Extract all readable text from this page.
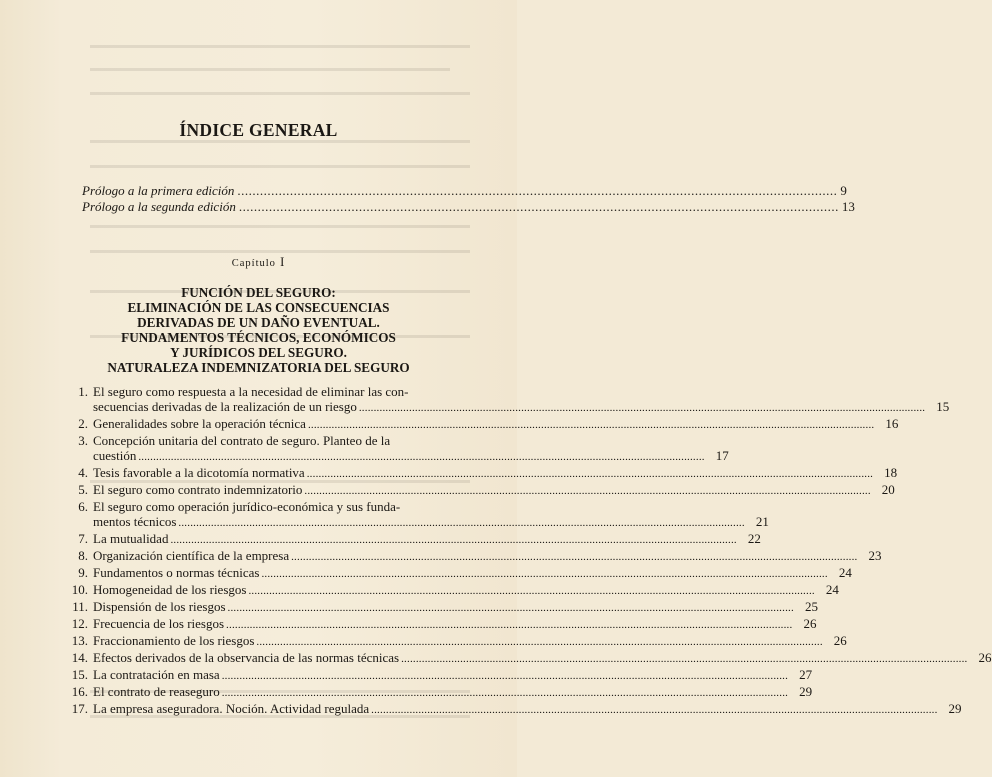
ÍNDICE GENERAL
Prólogo a la primera edición .....	9
Prólogo a la segunda edición .....	13
Capítulo I
FUNCIÓN DEL SEGURO:
ELIMINACIÓN DE LAS CONSECUENCIAS
DERIVADAS DE UN DAÑO EVENTUAL.
FUNDAMENTOS TÉCNICOS, ECONÓMICOS
Y JURÍDICOS DEL SEGURO.
NATURALEZA INDEMNIZATORIA DEL SEGURO
1. El seguro como respuesta a la necesidad de eliminar las con-
secuencias derivadas de la realización de un riesgo .....	15
2. Generalidades sobre la operación técnica .....	16
3. Concepción unitaria del contrato de seguro. Planteo de la
cuestión .....	17
4. Tesis favorable a la dicotomía normativa .....	18
5. El seguro como contrato indemnizatorio .....	20
6. El seguro como operación jurídico-económica y sus funda-
mentos técnicos .....	21
7. La mutualidad .....	22
8. Organización científica de la empresa .....	23
9. Fundamentos o normas técnicas .....	24
10. Homogeneidad de los riesgos .....	24
11. Dispensión de los riesgos .....	25
12. Frecuencia de los riesgos .....	26
13. Fraccionamiento de los riesgos .....	26
14. Efectos derivados de la observancia de las normas técnicas .....	26
15. La contratación en masa .....	27
16. El contrato de reaseguro .....	29
17. La empresa aseguradora. Noción. Actividad regulada .....	29
